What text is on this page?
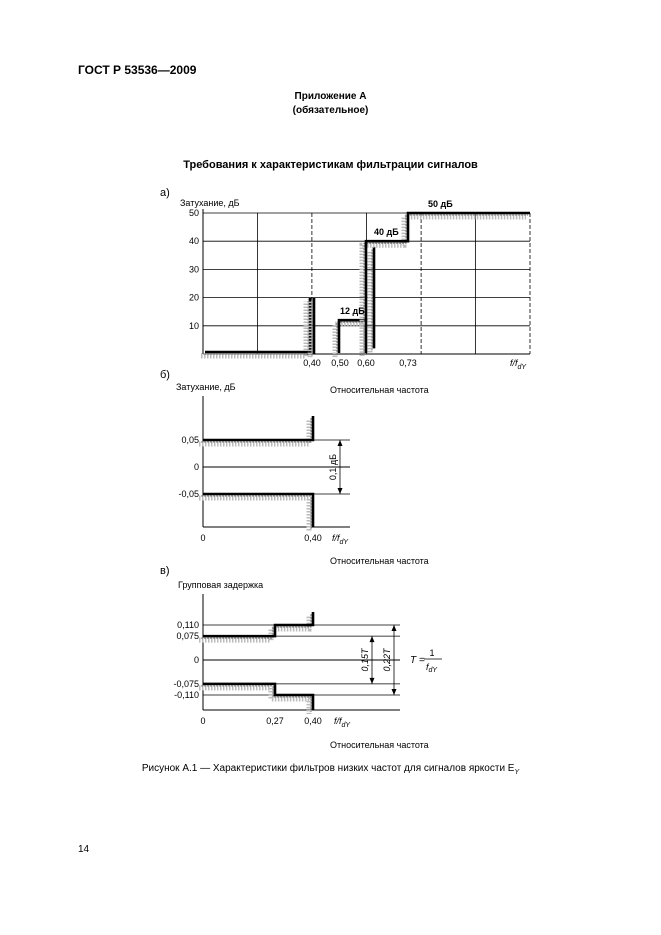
ГОСТ Р 53536—2009
Приложение А
(обязательное)
Требования к характеристикам фильтрации сигналов
а)
Затухание, дБ
б)
Затухание, дБ	Относительная частота
Относительная частота
в)
Групповая задержка
Относительная частота
Рисунок А.1 — Характеристики фильтров низких частот для сигналов яркости $E_Y$
14
50
40
30
20
10
0,40 0,50 0,60	0,73	$f/f_{dY}$
12 дБ
40 дБ
50 дБ
0,05
0
-0,05
0	0,40 $f/f_{dY}$
0,1 дБ
0,110
0,075
0
-0,075
-0,110
0	0,27 0,40 $f/f_{dY}$
0,15T 0,22T T =
1
$f_{dY}$
